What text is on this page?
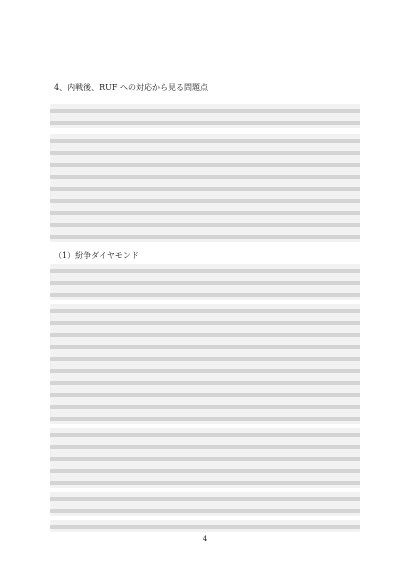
4、内戦後、RUF への対応から見る問題点
（1）紛争ダイヤモンド
4
